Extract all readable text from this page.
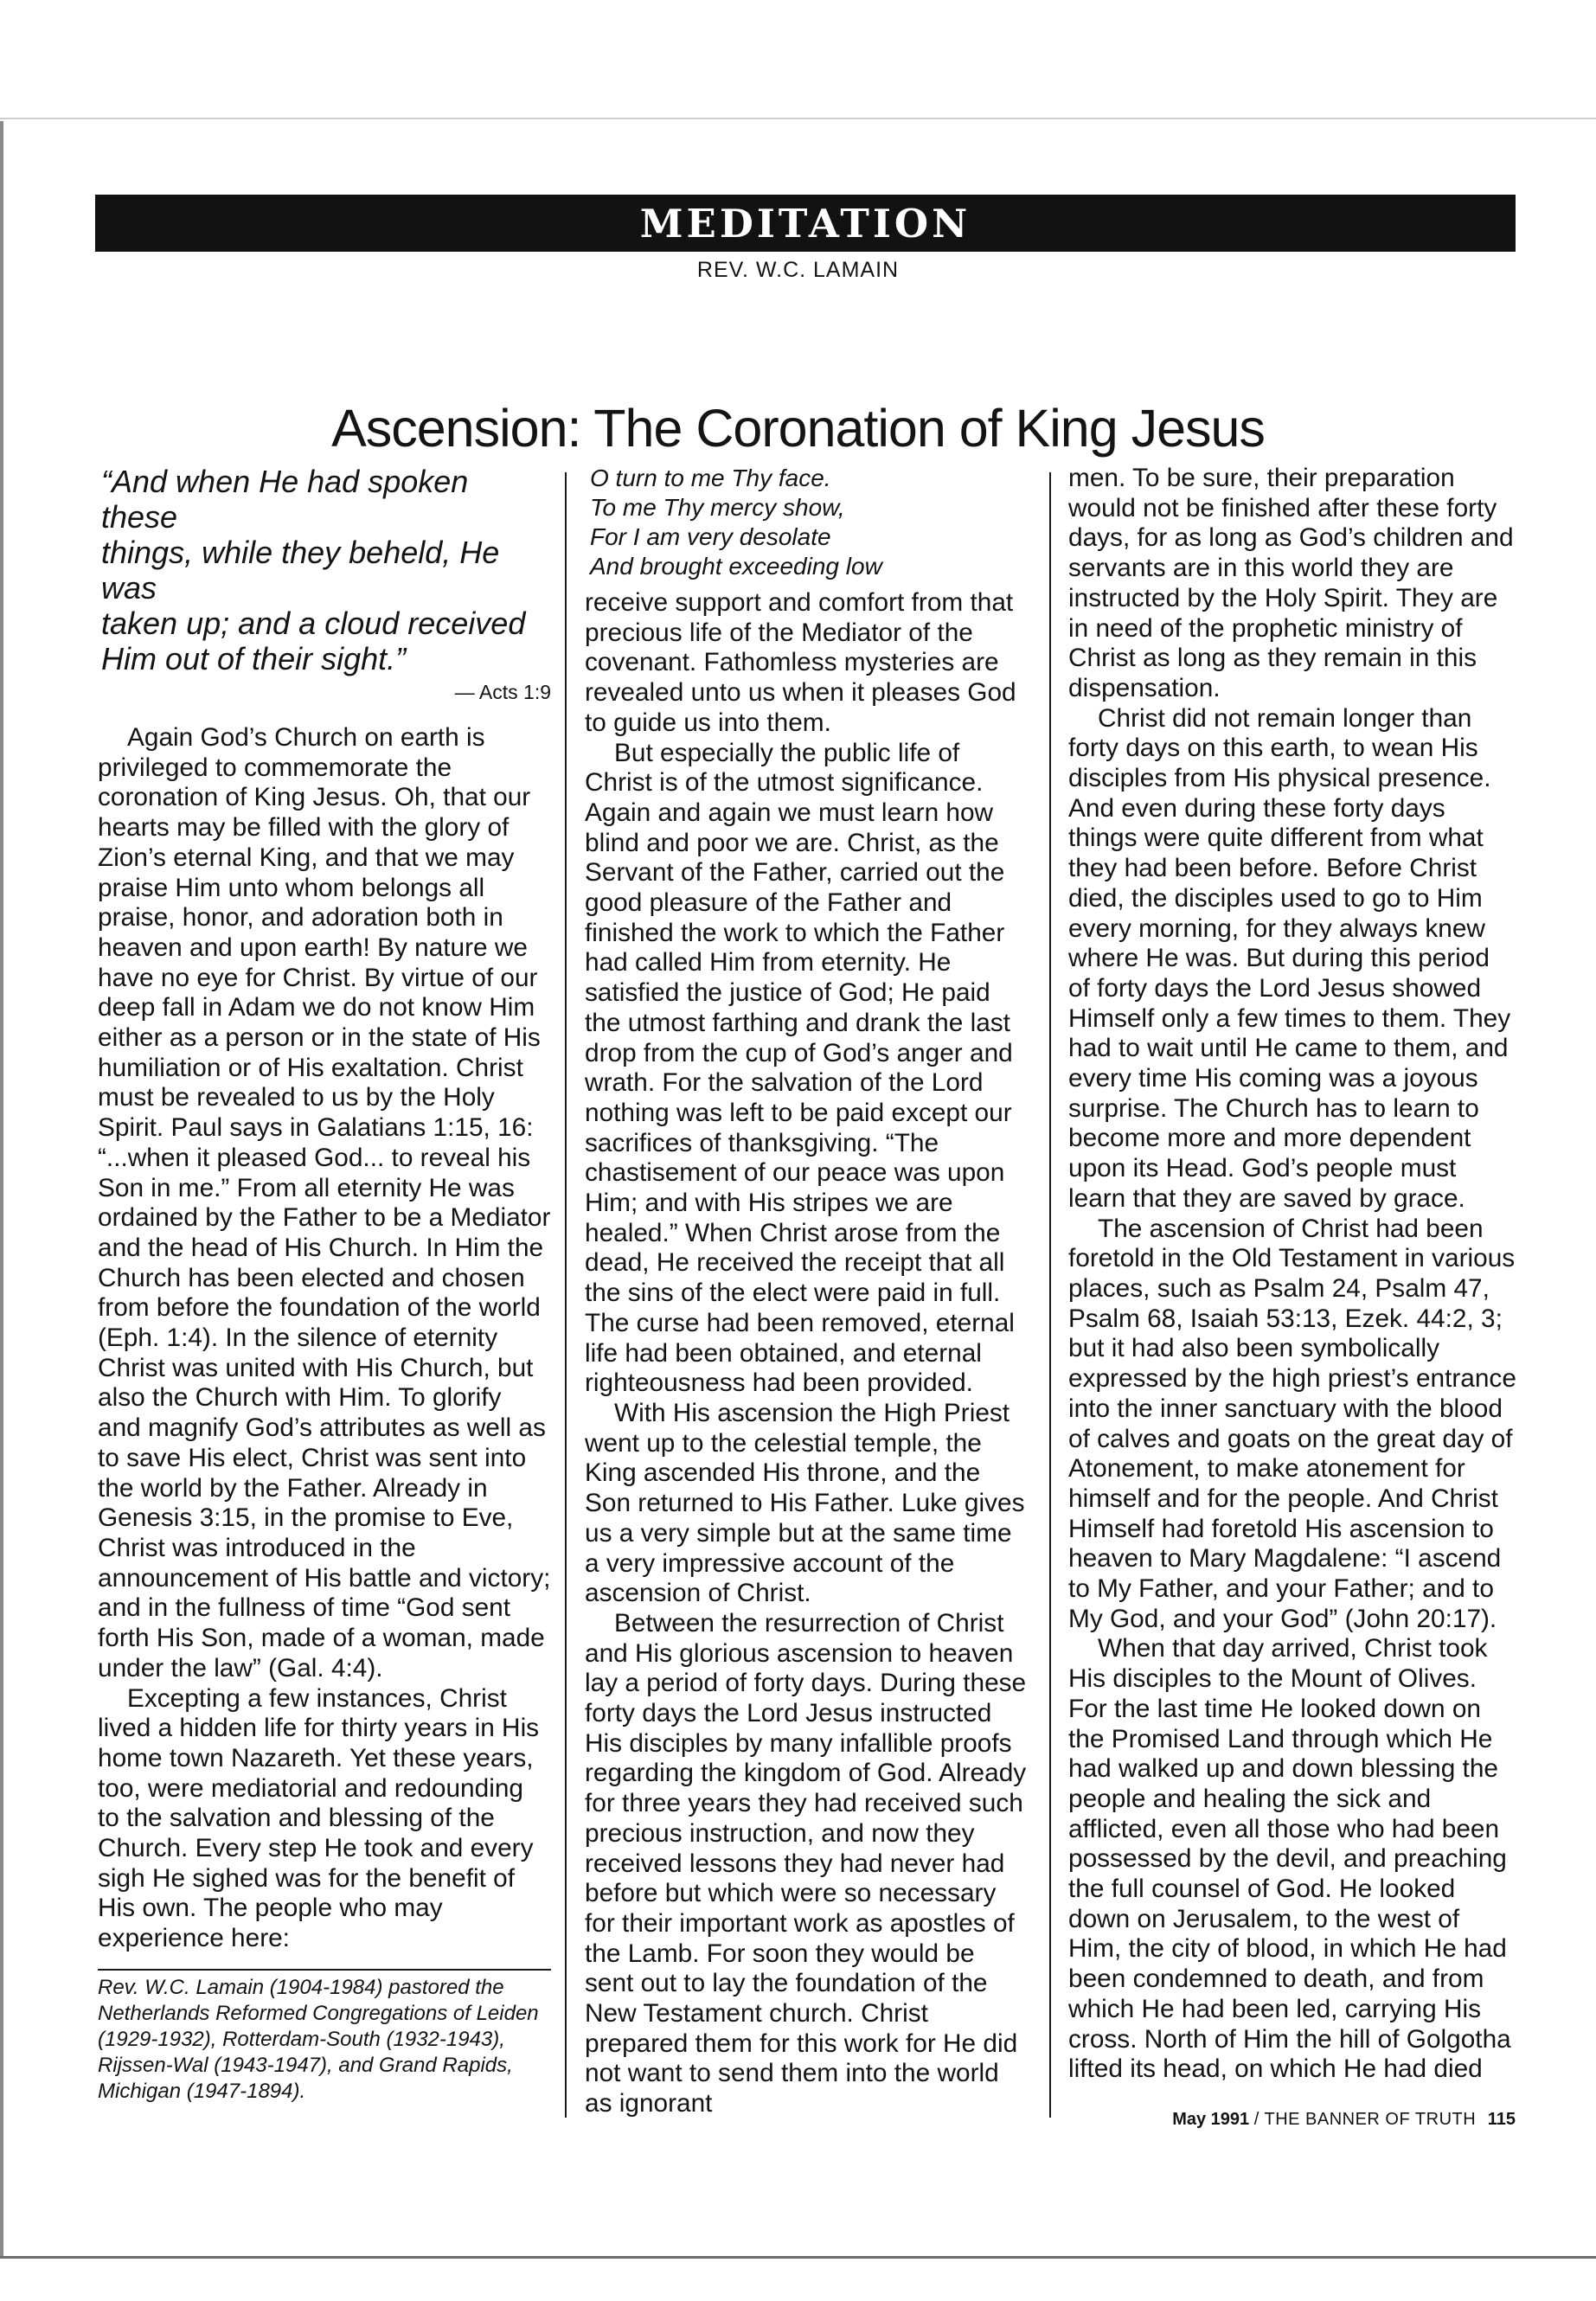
MEDITATION
REV. W.C. LAMAIN
Ascension: The Coronation of King Jesus
“And when He had spoken these
things, while they beheld, He was
taken up; and a cloud received
Him out of their sight.”
— Acts 1:9

Again God’s Church on earth is privileged to commemorate the coronation of King Jesus. Oh, that our hearts may be filled with the glory of Zion’s eternal King, and that we may praise Him unto whom belongs all praise, honor, and adoration both in heaven and upon earth! By nature we have no eye for Christ. By virtue of our deep fall in Adam we do not know Him either as a person or in the state of His humiliation or of His exaltation. Christ must be revealed to us by the Holy Spirit. Paul says in Galatians 1:15, 16: “...when it pleased God... to reveal his Son in me.” From all eternity He was ordained by the Father to be a Mediator and the head of His Church. In Him the Church has been elected and chosen from before the foundation of the world (Eph. 1:4). In the silence of eternity Christ was united with His Church, but also the Church with Him. To glorify and magnify God’s attributes as well as to save His elect, Christ was sent into the world by the Father. Already in Genesis 3:15, in the promise to Eve, Christ was introduced in the announcement of His battle and victory; and in the fullness of time “God sent forth His Son, made of a woman, made under the law” (Gal. 4:4).

Excepting a few instances, Christ lived a hidden life for thirty years in His home town Nazareth. Yet these years, too, were mediatorial and redounding to the salvation and blessing of the Church. Every step He took and every sigh He sighed was for the benefit of His own. The people who may experience here:

O turn to me Thy face.
To me Thy mercy show,
For I am very desolate
And brought exceeding low

receive support and comfort from that precious life of the Mediator of the covenant. Fathomless mysteries are revealed unto us when it pleases God to guide us into them.

But especially the public life of Christ is of the utmost significance. Again and again we must learn how blind and poor we are. Christ, as the Servant of the Father, carried out the good pleasure of the Father and finished the work to which the Father had called Him from eternity. He satisfied the justice of God; He paid the utmost farthing and drank the last drop from the cup of God’s anger and wrath. For the salvation of the Lord nothing was left to be paid except our sacrifices of thanksgiving. “The chastisement of our peace was upon Him; and with His stripes we are healed.” When Christ arose from the dead, He received the receipt that all the sins of the elect were paid in full. The curse had been removed, eternal life had been obtained, and eternal righteousness had been provided.

With His ascension the High Priest went up to the celestial temple, the King ascended His throne, and the Son returned to His Father. Luke gives us a very simple but at the same time a very impressive account of the ascension of Christ.

Between the resurrection of Christ and His glorious ascension to heaven lay a period of forty days. During these forty days the Lord Jesus instructed His disciples by many infallible proofs regarding the kingdom of God. Already for three years they had received such precious instruction, and now they received lessons they had never had before but which were so necessary for their important work as apostles of the Lamb. For soon they would be sent out to lay the foundation of the New Testament church. Christ prepared them for this work for He did not want to send them into the world as ignorant

men. To be sure, their preparation would not be finished after these forty days, for as long as God’s children and servants are in this world they are instructed by the Holy Spirit. They are in need of the prophetic ministry of Christ as long as they remain in this dispensation.

Christ did not remain longer than forty days on this earth, to wean His disciples from His physical presence. And even during these forty days things were quite different from what they had been before. Before Christ died, the disciples used to go to Him every morning, for they always knew where He was. But during this period of forty days the Lord Jesus showed Himself only a few times to them. They had to wait until He came to them, and every time His coming was a joyous surprise. The Church has to learn to become more and more dependent upon its Head. God’s people must learn that they are saved by grace.

The ascension of Christ had been foretold in the Old Testament in various places, such as Psalm 24, Psalm 47, Psalm 68, Isaiah 53:13, Ezek. 44:2, 3; but it had also been symbolically expressed by the high priest’s entrance into the inner sanctuary with the blood of calves and goats on the great day of Atonement, to make atonement for himself and for the people. And Christ Himself had foretold His ascension to heaven to Mary Magdalene: “I ascend to My Father, and your Father; and to My God, and your God” (John 20:17).

When that day arrived, Christ took His disciples to the Mount of Olives. For the last time He looked down on the Promised Land through which He had walked up and down blessing the people and healing the sick and afflicted, even all those who had been possessed by the devil, and preaching the full counsel of God. He looked down on Jerusalem, to the west of Him, the city of blood, in which He had been condemned to death, and from which He had been led, carrying His cross. North of Him the hill of Golgotha lifted its head, on which He had died

Rev. W.C. Lamain (1904-1984) pastored the Netherlands Reformed Congregations of Leiden (1929-1932), Rotterdam-South (1932-1943), Rijssen-Wal (1943-1947), and Grand Rapids, Michigan (1947-1894).
May 1991 / THE BANNER OF TRUTH 115
